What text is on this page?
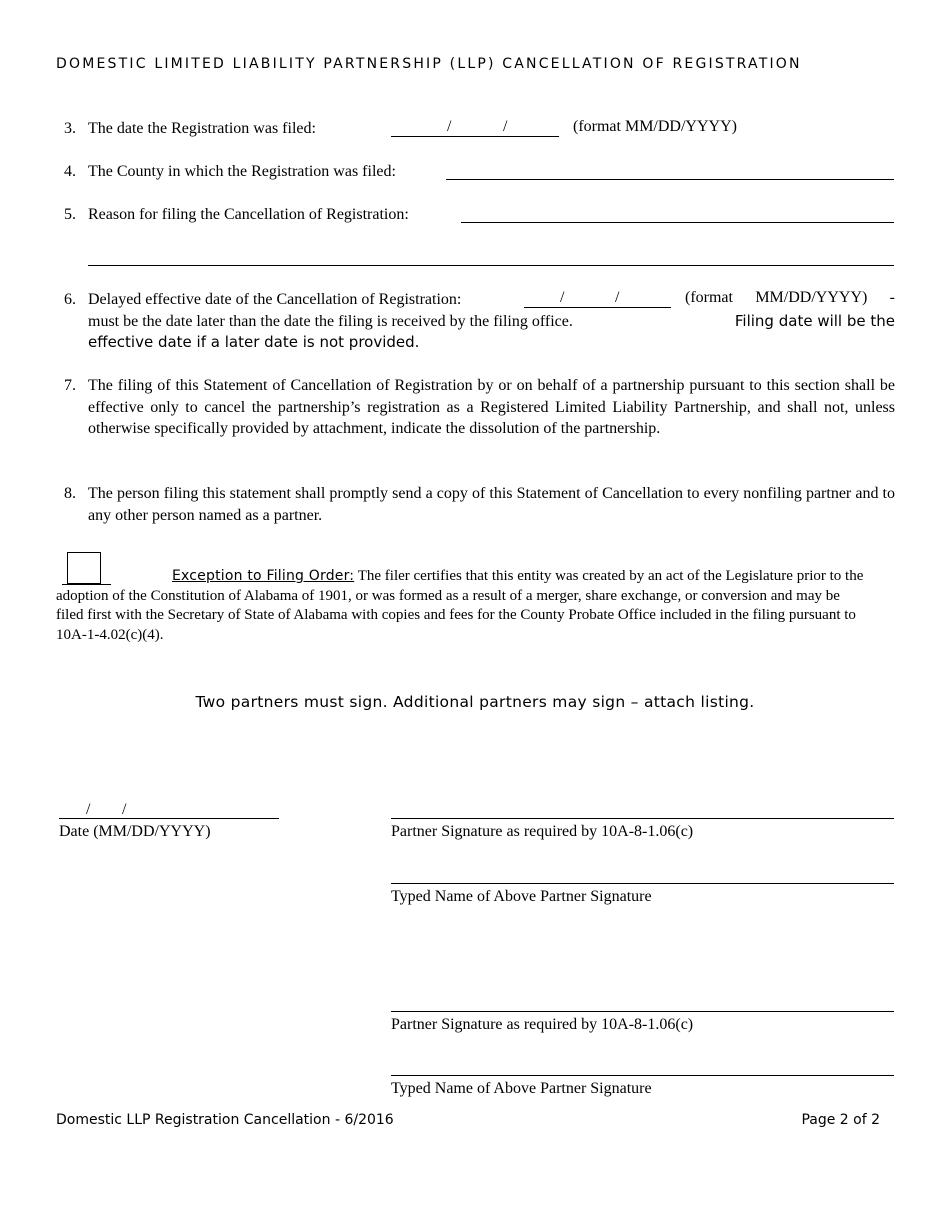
DOMESTIC LIMITED LIABILITY PARTNERSHIP (LLP) CANCELLATION OF REGISTRATION
3. The date the Registration was filed:	/	/	(format MM/DD/YYYY)
4. The County in which the Registration was filed:
5. Reason for filing the Cancellation of Registration:
6. Delayed effective date of the Cancellation of Registration:
must be the date later than the date the filing is received by the filing office.	Filing date will be the
effective date if a later date is not provided.
/	/	(format MM/DD/YYYY) -
7. The filing of this Statement of Cancellation of Registration by or on behalf of a partnership pursuant to this section shall be effective only to cancel the partnership’s registration as a Registered Limited Liability Partnership, and shall not, unless otherwise specifically provided by attachment, indicate the dissolution of the partnership.
8. The person filing this statement shall promptly send a copy of this Statement of Cancellation to every nonfiling partner and to any other person named as a partner.
Exception to Filing Order: The filer certifies that this entity was created by an act of the Legislature prior to the adoption of the Constitution of Alabama of 1901, or was formed as a result of a merger, share exchange, or conversion and may be filed first with the Secretary of State of Alabama with copies and fees for the County Probate Office included in the filing pursuant to 10A-1-4.02(c)(4).
Two partners must sign. Additional partners may sign – attach listing.
/ /
Date (MM/DD/YYYY)	Partner Signature as required by 10A-8-1.06(c)
Typed Name of Above Partner Signature
Partner Signature as required by 10A-8-1.06(c)
Typed Name of Above Partner Signature
Domestic LLP Registration Cancellation - 6/2016	Page 2 of 2
